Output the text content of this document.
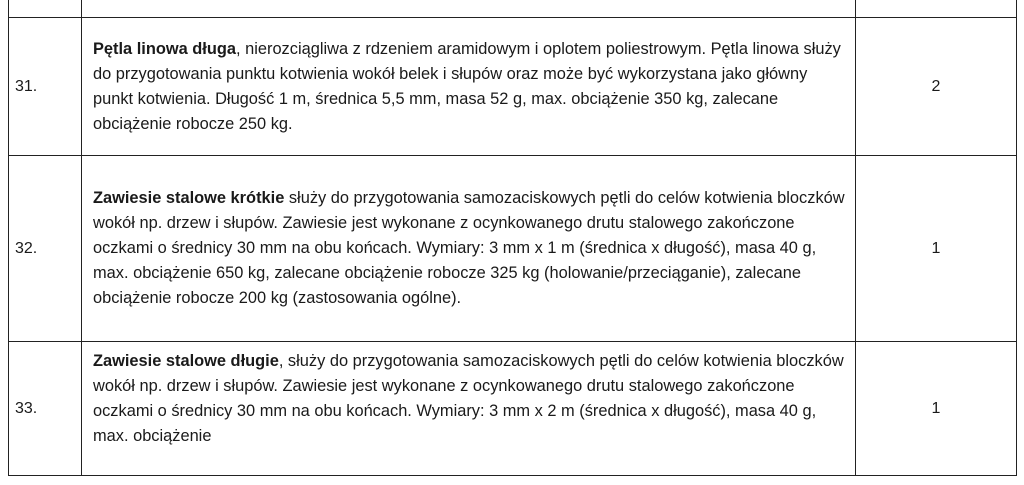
31.	Pętla linowa długa, nierozciągliwa z rdzeniem aramidowym i oplotem poliestrowym. Pętla linowa służy do przygotowania punktu kotwienia wokół belek i słupów oraz może być wykorzystana jako główny punkt kotwienia. Długość 1 m, średnica 5,5 mm, masa 52 g, max. obciążenie 350 kg, zalecane obciążenie robocze 250 kg.	2
32.	Zawiesie stalowe krótkie służy do przygotowania samozaciskowych pętli do celów kotwienia bloczków wokół np. drzew i słupów. Zawiesie jest wykonane z ocynkowanego drutu stalowego zakończone oczkami o średnicy 30 mm na obu końcach. Wymiary: 3 mm x 1 m (średnica x długość), masa 40 g, max. obciążenie 650 kg, zalecane obciążenie robocze 325 kg (holowanie/przeciąganie), zalecane obciążenie robocze 200 kg (zastosowania ogólne).	1
33.	Zawiesie stalowe długie, służy do przygotowania samozaciskowych pętli do celów kotwienia bloczków wokół np. drzew i słupów. Zawiesie jest wykonane z ocynkowanego drutu stalowego zakończone oczkami o średnicy 30 mm na obu końcach. Wymiary: 3 mm x 2 m (średnica x długość), masa 40 g, max. obciążenie	1
